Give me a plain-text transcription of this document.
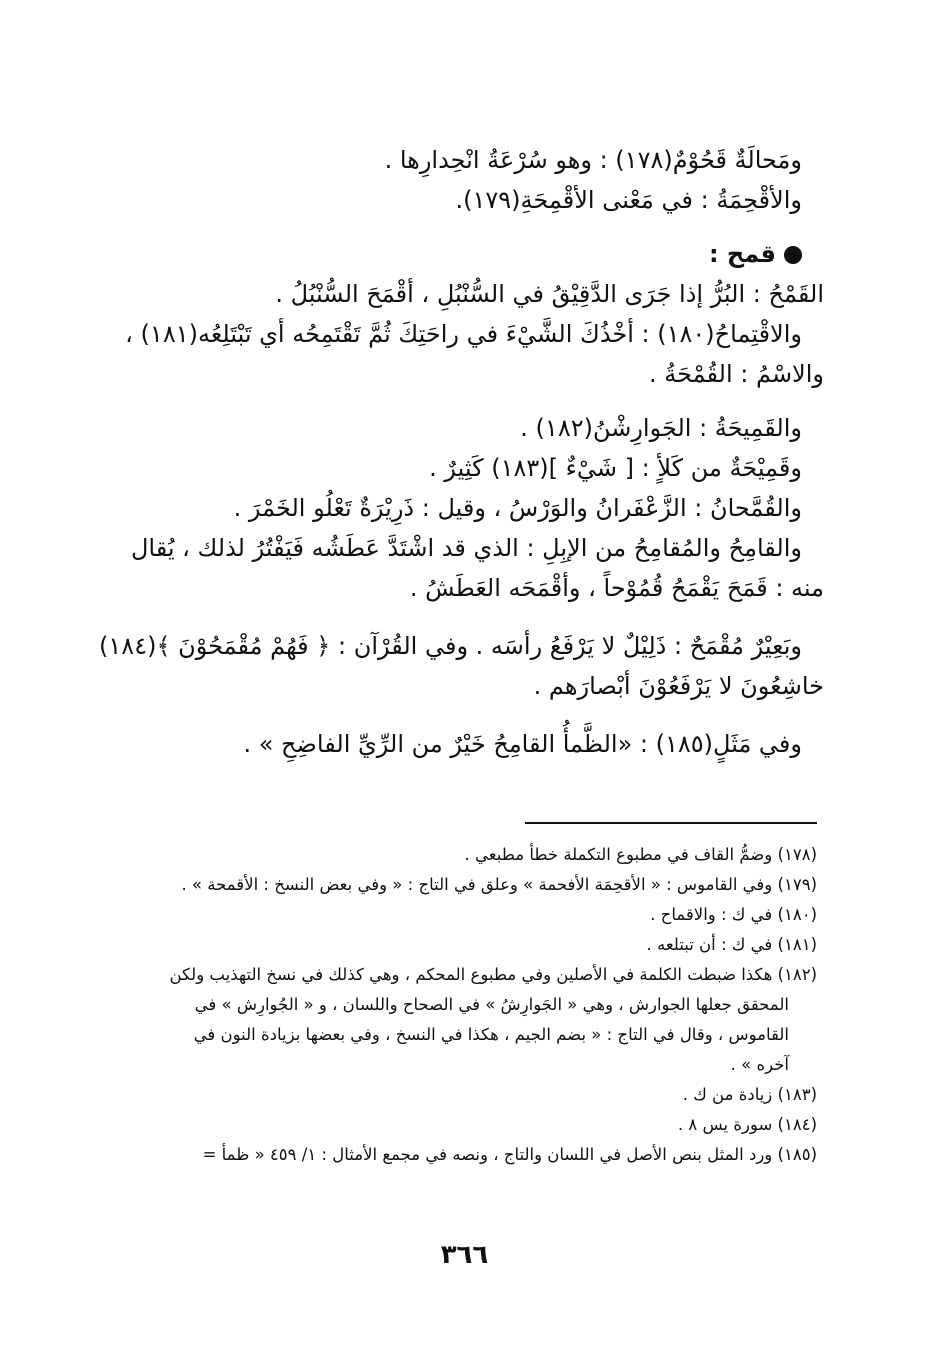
ومَحالَةٌ قَحُوْمٌ(١٧٨) : وهو سُرْعَةُ انْحِدارِها .
والأقْحِمَةُ : في مَعْنى الأقْمِحَةِ(١٧٩).
قمح :
القَمْحُ : البُرُّ إذا جَرَى الدَّقِيْقُ في السُّنْبُلِ ، أقْمَحَ السُّنْبُلُ .
والاقْتِماحُ(١٨٠) : أخْذُكَ الشَّيْءَ في راحَتِكَ ثُمَّ تَقْتَمِحُه أي تَبْتَلِعُه(١٨١) ،
والاسْمُ : القُمْحَةُ .
والقَمِيحَةُ : الجَوارِشْنُ(١٨٢) .
وقَمِيْحَةٌ من كَلأٍ : [ شَيْءٌ ](١٨٣) كَثِيرٌ .
والقُمَّحانُ : الزَّعْفَرانُ والوَرْسُ ، وقيل : ذَرِيْرَةٌ تَعْلُو الخَمْرَ .
والقامِحُ والمُقامِحُ من الإبِلِ : الذي قد اشْتَدَّ عَطَشُه فَيَفْتُرُ لذلك ، يُقال
منه : قَمَحَ يَقْمَحُ قُمُوْحاً ، وأقْمَحَه العَطَشُ .
وبَعِيْرٌ مُقْمَحٌ : ذَلِيْلٌ لا يَرْفَعُ رأسَه . وفي القُرْآن : ﴿ فَهُمْ مُقْمَحُوْنَ ﴾(١٨٤)
خاشِعُونَ لا يَرْفَعُوْنَ أبْصارَهم .
وفي مَثَلٍ(١٨٥) : «الظَّمأُ القامِحُ خَيْرٌ من الرِّيِّ الفاضِحِ » .
(١٧٨) وضمُّ القاف في مطبوع التكملة خطأ مطبعي .
(١٧٩) وفي القاموس : « الأقحِمَة الأفحمة » وعلق في التاج : « وفي بعض النسخ : الأقمحة » .
(١٨٠) في ك : والاقماح .
(١٨١) في ك : أن تبتلعه .
(١٨٢) هكذا ضبطت الكلمة في الأصلين وفي مطبوع المحكم ، وهي كذلك في نسخ التهذيب ولكن
المحقق جعلها الجوارش ، وهي « الجَوارِشُ » في الصحاح واللسان ، و « الجُوارِش » في
القاموس ، وقال في التاج : « بضم الجيم ، هكذا في النسخ ، وفي بعضها بزيادة النون في
آخره » .
(١٨٣) زيادة من ك .
(١٨٤) سورة يس ٨ .
(١٨٥) ورد المثل بنص الأصل في اللسان والتاج ، ونصه في مجمع الأمثال : ١/ ٤٥٩ « ظمأ =
٣٦٦
